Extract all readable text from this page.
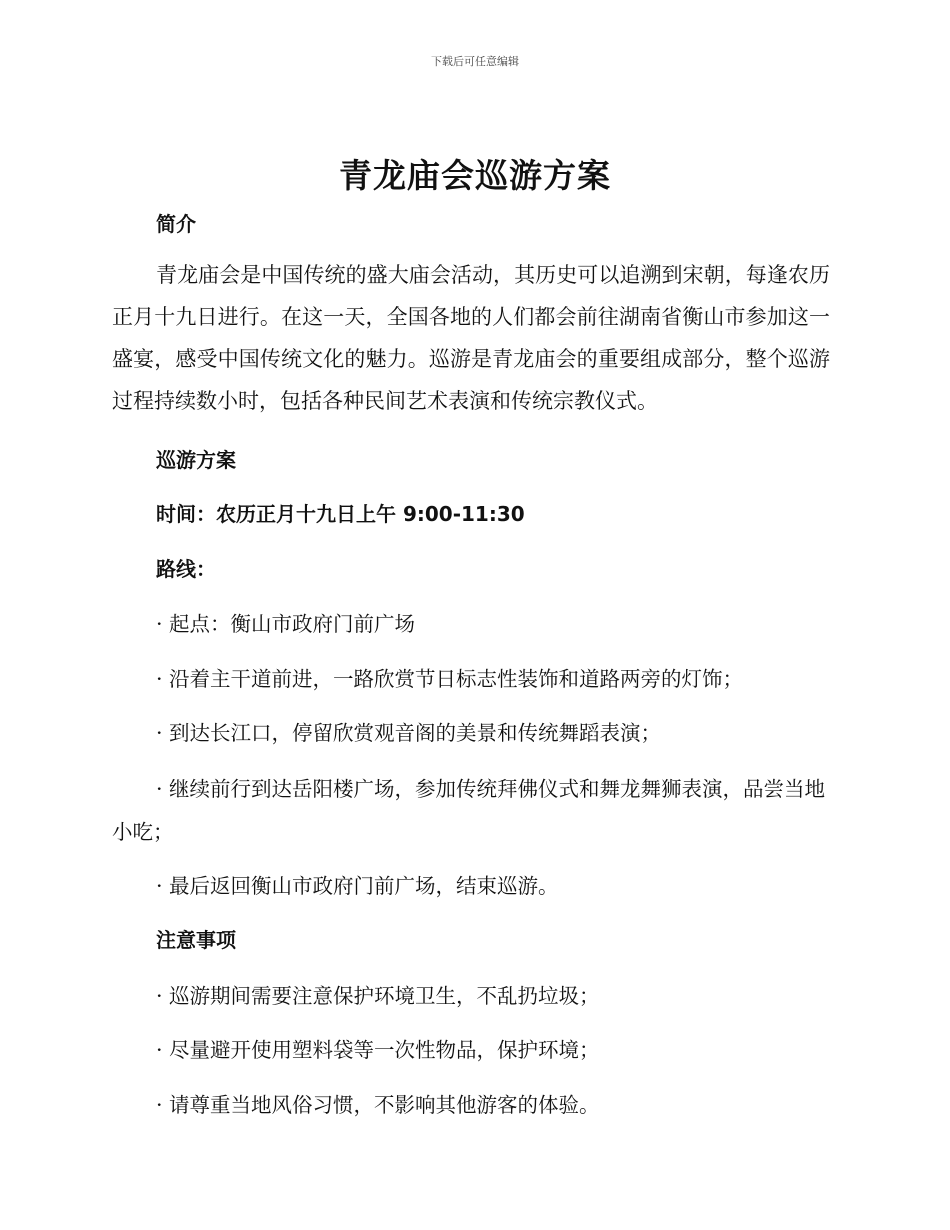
下载后可任意编辑
青龙庙会巡游方案
简介
青龙庙会是中国传统的盛大庙会活动，其历史可以追溯到宋朝，每逢农历正月十九日进行。在这一天，全国各地的人们都会前往湖南省衡山市参加这一盛宴，感受中国传统文化的魅力。巡游是青龙庙会的重要组成部分，整个巡游过程持续数小时，包括各种民间艺术表演和传统宗教仪式。
巡游方案
时间：农历正月十九日上午 9:00-11:30
路线：
· 起点：衡山市政府门前广场
· 沿着主干道前进，一路欣赏节日标志性装饰和道路两旁的灯饰；
· 到达长江口，停留欣赏观音阁的美景和传统舞蹈表演；
· 继续前行到达岳阳楼广场，参加传统拜佛仪式和舞龙舞狮表演，品尝当地小吃；
· 最后返回衡山市政府门前广场，结束巡游。
注意事项
· 巡游期间需要注意保护环境卫生，不乱扔垃圾；
· 尽量避开使用塑料袋等一次性物品，保护环境；
· 请尊重当地风俗习惯，不影响其他游客的体验。
